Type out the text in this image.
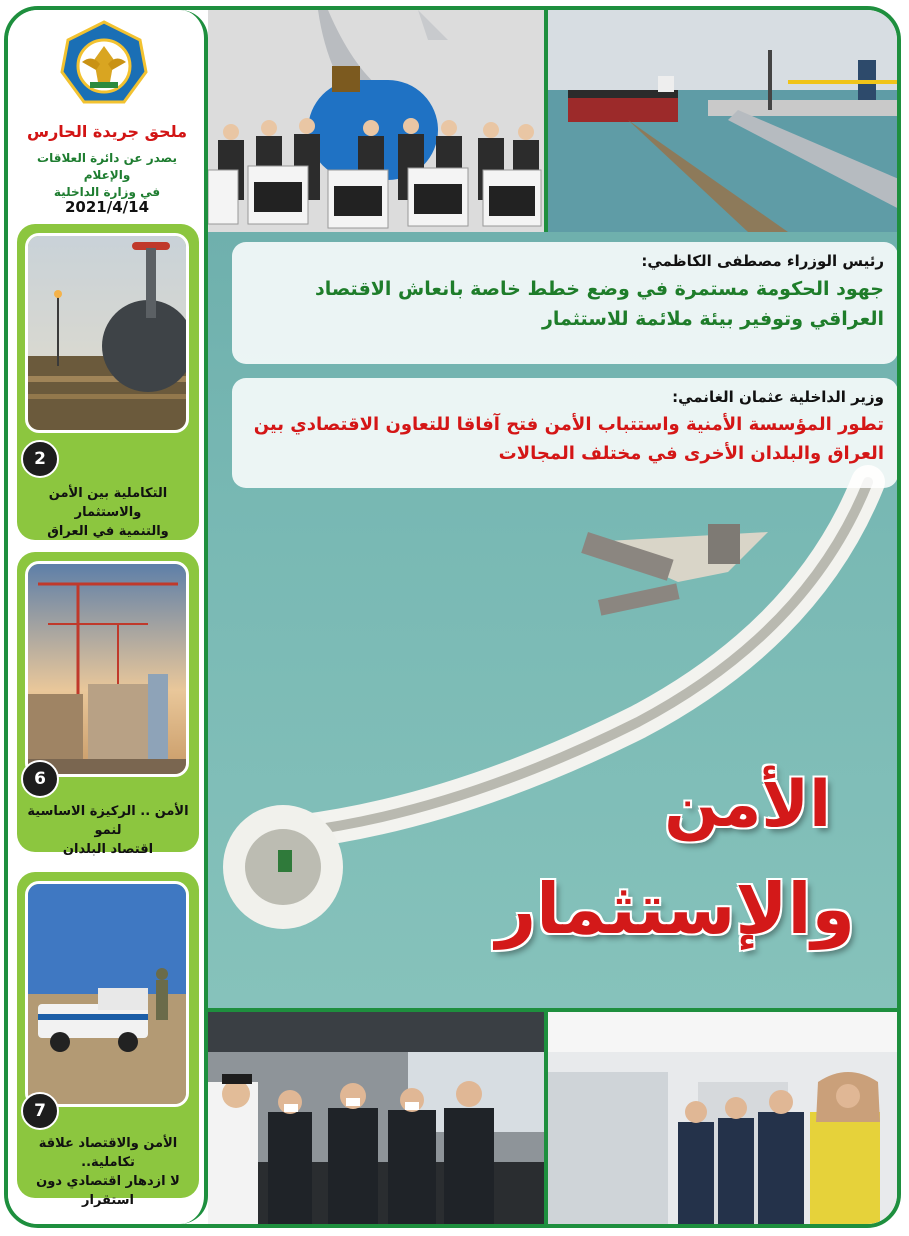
ملحق جريدة الحارس
يصدر عن دائرة العلاقات والإعلام
في وزارة الداخلية
2021/4/14
2
التكاملية بين الأمن والاستثمار
والتنمية في العراق
6
الأمن .. الركيزة الاساسية لنمو
اقتصاد البلدان
7
الأمن والاقتصاد علاقة تكاملية..
لا ازدهار اقتصادي دون استقرار
رئيس الوزراء مصطفى الكاظمي:
جهود الحكومة مستمرة في وضع خطط خاصة بانعاش الاقتصاد العراقي وتوفير بيئة ملائمة للاستثمار
وزير الداخلية عثمان الغانمي:
تطور المؤسسة الأمنية واستتباب الأمن فتح آفاقا للتعاون الاقتصادي بين العراق والبلدان الأخرى في مختلف المجالات
الأمن
والإستثمار
